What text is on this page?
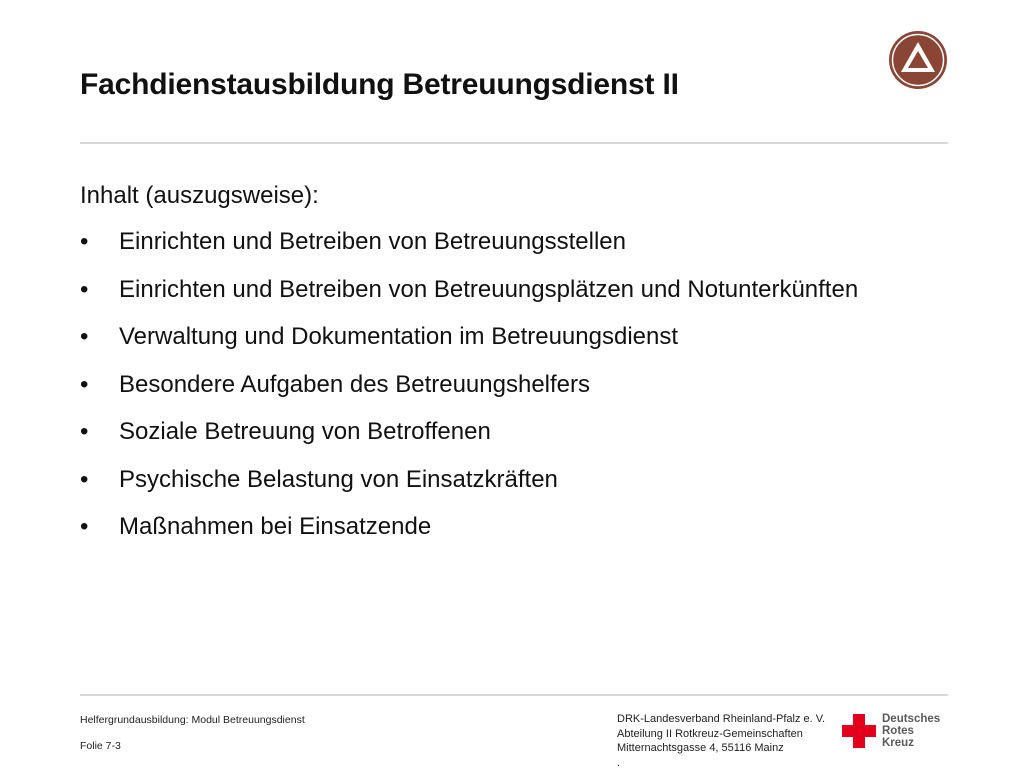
Fachdienstausbildung Betreuungsdienst II
Inhalt (auszugsweise):
•	Einrichten und Betreiben von Betreuungsstellen
•	Einrichten und Betreiben von Betreuungsplätzen und Notunterkünften
•	Verwaltung und Dokumentation im Betreuungsdienst
•	Besondere Aufgaben des Betreuungshelfers
•	Soziale Betreuung von Betroffenen
•	Psychische Belastung von Einsatzkräften
•	Maßnahmen bei Einsatzende
Helfergrundausbildung: Modul Betreuungsdienst
Folie 7-3
DRK-Landesverband Rheinland-Pfalz e. V.
Abteilung II Rotkreuz-Gemeinschaften
Mitternachtsgasse 4, 55116 Mainz
.
Deutsches
Rotes
Kreuz
